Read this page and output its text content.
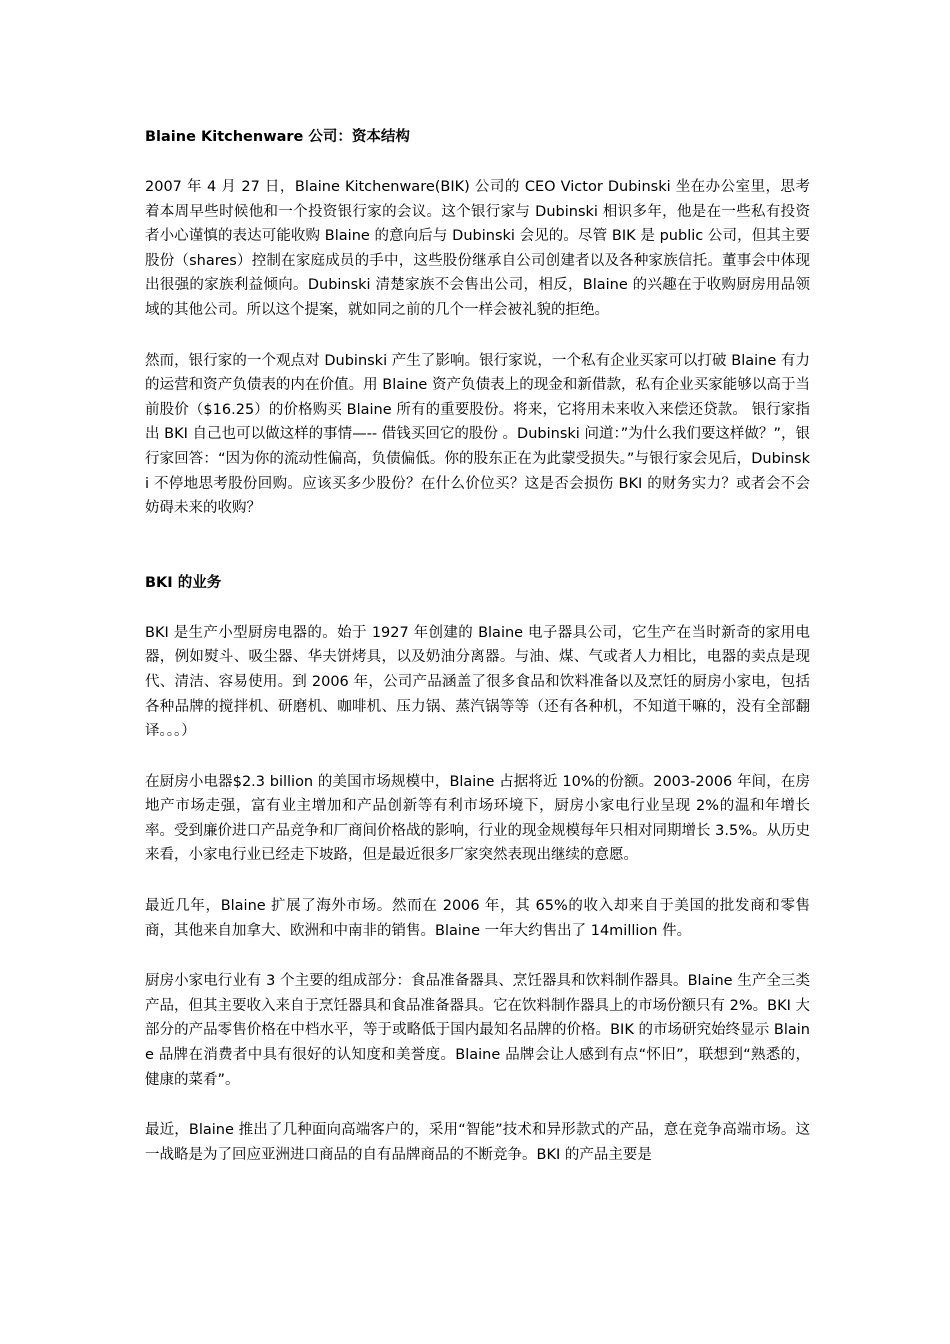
Blaine Kitchenware 公司：资本结构

2007 年 4 月 27 日，Blaine Kitchenware(BIK) 公司的 CEO Victor Dubinski 坐在办公室里，思考着本周早些时候他和一个投资银行家的会议。这个银行家与 Dubinski 相识多年，他是在一些私有投资者小心谨慎的表达可能收购 Blaine 的意向后与 Dubinski 会见的。尽管 BIK 是 public 公司，但其主要股份（shares）控制在家庭成员的手中，这些股份继承自公司创建者以及各种家族信托。董事会中体现出很强的家族利益倾向。Dubinski 清楚家族不会售出公司，相反，Blaine 的兴趣在于收购厨房用品领域的其他公司。所以这个提案，就如同之前的几个一样会被礼貌的拒绝。

然而，银行家的一个观点对 Dubinski 产生了影响。银行家说，一个私有企业买家可以打破 Blaine 有力的运营和资产负债表的内在价值。用 Blaine 资产负债表上的现金和新借款，私有企业买家能够以高于当前股价（$16.25）的价格购买 Blaine 所有的重要股份。将来，它将用未来收入来偿还贷款。 银行家指出 BKI 自己也可以做这样的事情—-- 借钱买回它的股份 。Dubinski 问道：”为什么我们要这样做？”，银行家回答：“因为你的流动性偏高，负债偏低。你的股东正在为此蒙受损失。”与银行家会见后，Dubinski 不停地思考股份回购。应该买多少股份？在什么价位买？这是否会损伤 BKI 的财务实力？或者会不会妨碍未来的收购？

BKI 的业务

BKI 是生产小型厨房电器的。始于 1927 年创建的 Blaine 电子器具公司，它生产在当时新奇的家用电器，例如熨斗、吸尘器、华夫饼烤具，以及奶油分离器。与油、煤、气或者人力相比，电器的卖点是现代、清洁、容易使用。到 2006 年，公司产品涵盖了很多食品和饮料准备以及烹饪的厨房小家电，包括各种品牌的搅拌机、研磨机、咖啡机、压力锅、蒸汽锅等等（还有各种机，不知道干嘛的，没有全部翻译。。。）

在厨房小电器$2.3 billion 的美国市场规模中，Blaine 占据将近 10%的份额。2003-2006 年间，在房地产市场走强，富有业主增加和产品创新等有利市场环境下，厨房小家电行业呈现 2%的温和年增长率。受到廉价进口产品竞争和厂商间价格战的影响，行业的现金规模每年只相对同期增长 3.5%。从历史来看，小家电行业已经走下坡路，但是最近很多厂家突然表现出继续的意愿。

最近几年，Blaine 扩展了海外市场。然而在 2006 年，其 65%的收入却来自于美国的批发商和零售商，其他来自加拿大、欧洲和中南非的销售。Blaine 一年大约售出了 14million 件。

厨房小家电行业有 3 个主要的组成部分：食品准备器具、烹饪器具和饮料制作器具。Blaine 生产全三类产品，但其主要收入来自于烹饪器具和食品准备器具。它在饮料制作器具上的市场份额只有 2%。BKI 大部分的产品零售价格在中档水平，等于或略低于国内最知名品牌的价格。BIK 的市场研究始终显示 Blaine 品牌在消费者中具有很好的认知度和美誉度。Blaine 品牌会让人感到有点“怀旧”，联想到“熟悉的，健康的菜肴”。

最近，Blaine 推出了几种面向高端客户的，采用“智能”技术和异形款式的产品，意在竞争高端市场。这一战略是为了回应亚洲进口商品的自有品牌商品的不断竞争。BKI 的产品主要是
